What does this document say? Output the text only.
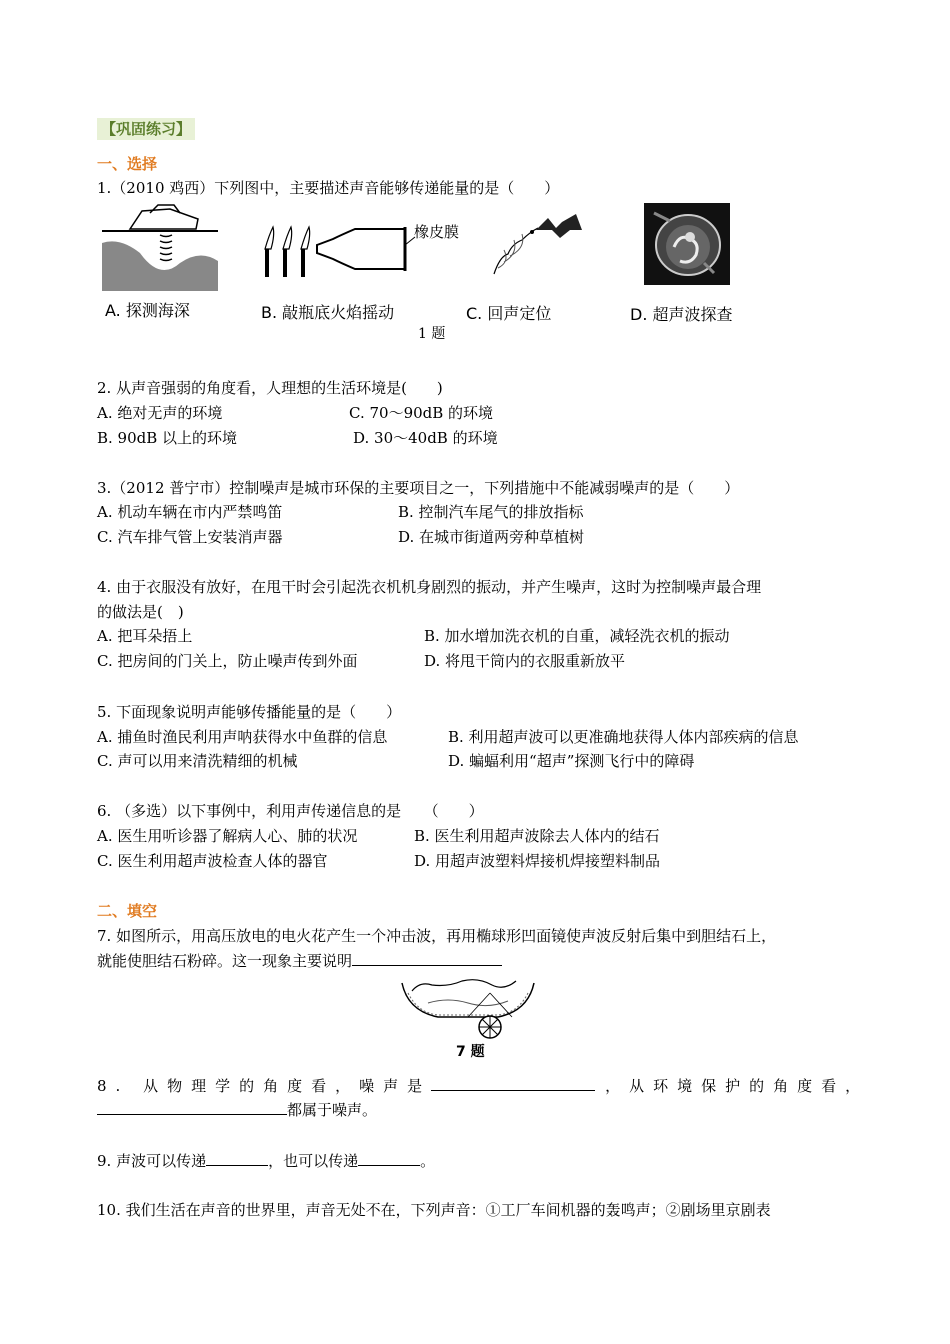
【巩固练习】
一、选择
1.（2010 鸡西）下列图中，主要描述声音能够传递能量的是（　　）
橡皮膜
A. 探测海深	B. 敲瓶底火焰摇动	C. 回声定位	D. 超声波探查
1 题
2. 从声音强弱的角度看，人理想的生活环境是(　　)
A. 绝对无声的环境	C. 70～90dB 的环境
B. 90dB 以上的环境	D. 30～40dB 的环境
3.（2012 普宁市）控制噪声是城市环保的主要项目之一，下列措施中不能减弱噪声的是（　　）
A. 机动车辆在市内严禁鸣笛	B. 控制汽车尾气的排放指标
C. 汽车排气管上安装消声器	D. 在城市街道两旁种草植树
4. 由于衣服没有放好，在甩干时会引起洗衣机机身剧烈的振动，并产生噪声，这时为控制噪声最合理
的做法是(　)
A. 把耳朵捂上	B. 加水增加洗衣机的自重，减轻洗衣机的振动
C. 把房间的门关上，防止噪声传到外面	D. 将甩干筒内的衣服重新放平
5. 下面现象说明声能够传播能量的是（　　）
A. 捕鱼时渔民利用声呐获得水中鱼群的信息	B. 利用超声波可以更准确地获得人体内部疾病的信息
C. 声可以用来清洗精细的机械	D. 蝙蝠利用“超声”探测飞行中的障碍
6. （多选）以下事例中，利用声传递信息的是　　（　　）
A. 医生用听诊器了解病人心、肺的状况	B. 医生利用超声波除去人体内的结石
C. 医生利用超声波检查人体的器官	D. 用超声波塑料焊接机焊接塑料制品
二、填空
7. 如图所示，用高压放电的电火花产生一个冲击波，再用椭球形凹面镜使声波反射后集中到胆结石上，
就能使胆结石粉碎。这一现象主要说明
7 题
8. 从物理学的角度看，噪声是	，从环境保护的角度看，
都属于噪声。
9. 声波可以传递	，也可以传递	。
10. 我们生活在声音的世界里，声音无处不在，下列声音：①工厂车间机器的轰鸣声；②剧场里京剧表
